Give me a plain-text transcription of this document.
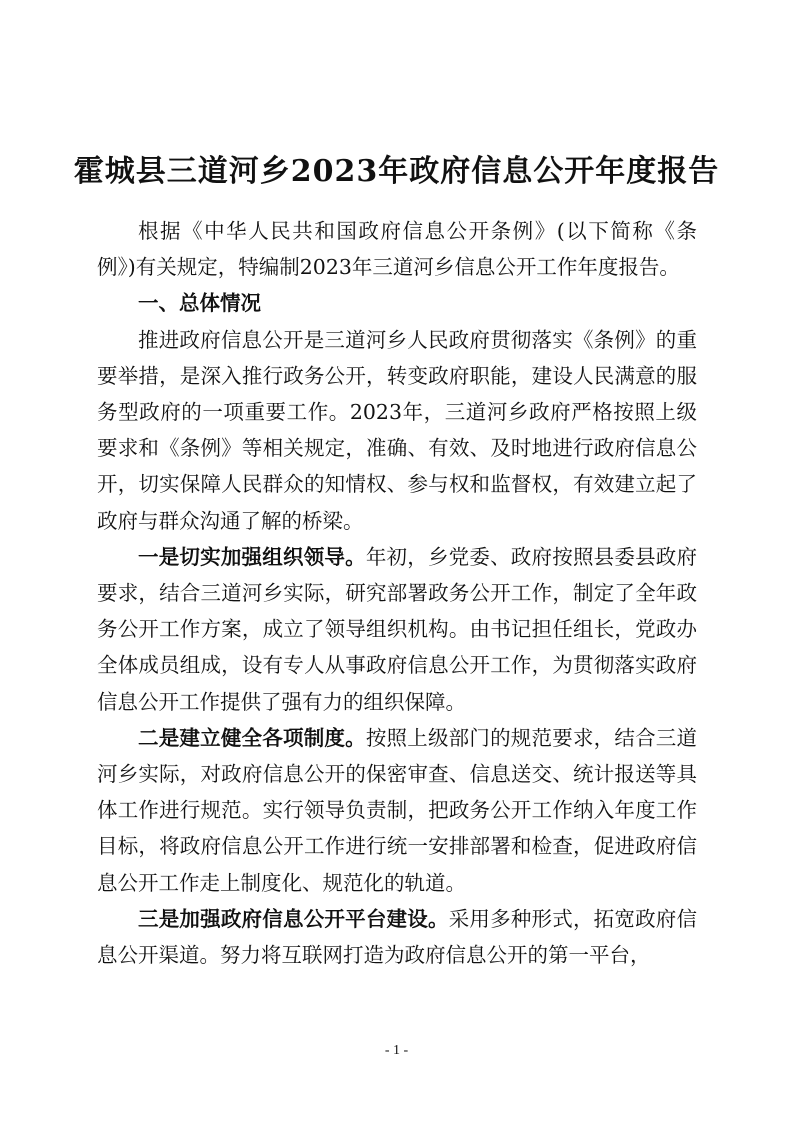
霍城县三道河乡2023年政府信息公开年度报告

根据《中华人民共和国政府信息公开条例》(以下简称《条例》)有关规定，特编制2023年三道河乡信息公开工作年度报告。

一、总体情况

推进政府信息公开是三道河乡人民政府贯彻落实《条例》的重要举措，是深入推行政务公开，转变政府职能，建设人民满意的服务型政府的一项重要工作。2023年，三道河乡政府严格按照上级要求和《条例》等相关规定，准确、有效、及时地进行政府信息公开，切实保障人民群众的知情权、参与权和监督权，有效建立起了政府与群众沟通了解的桥梁。

一是切实加强组织领导。年初，乡党委、政府按照县委县政府要求，结合三道河乡实际，研究部署政务公开工作，制定了全年政务公开工作方案，成立了领导组织机构。由书记担任组长，党政办全体成员组成，设有专人从事政府信息公开工作，为贯彻落实政府信息公开工作提供了强有力的组织保障。

二是建立健全各项制度。按照上级部门的规范要求，结合三道河乡实际，对政府信息公开的保密审查、信息送交、统计报送等具体工作进行规范。实行领导负责制，把政务公开工作纳入年度工作目标，将政府信息公开工作进行统一安排部署和检查，促进政府信息公开工作走上制度化、规范化的轨道。

三是加强政府信息公开平台建设。采用多种形式，拓宽政府信息公开渠道。努力将互联网打造为政府信息公开的第一平台，

- 1 -
